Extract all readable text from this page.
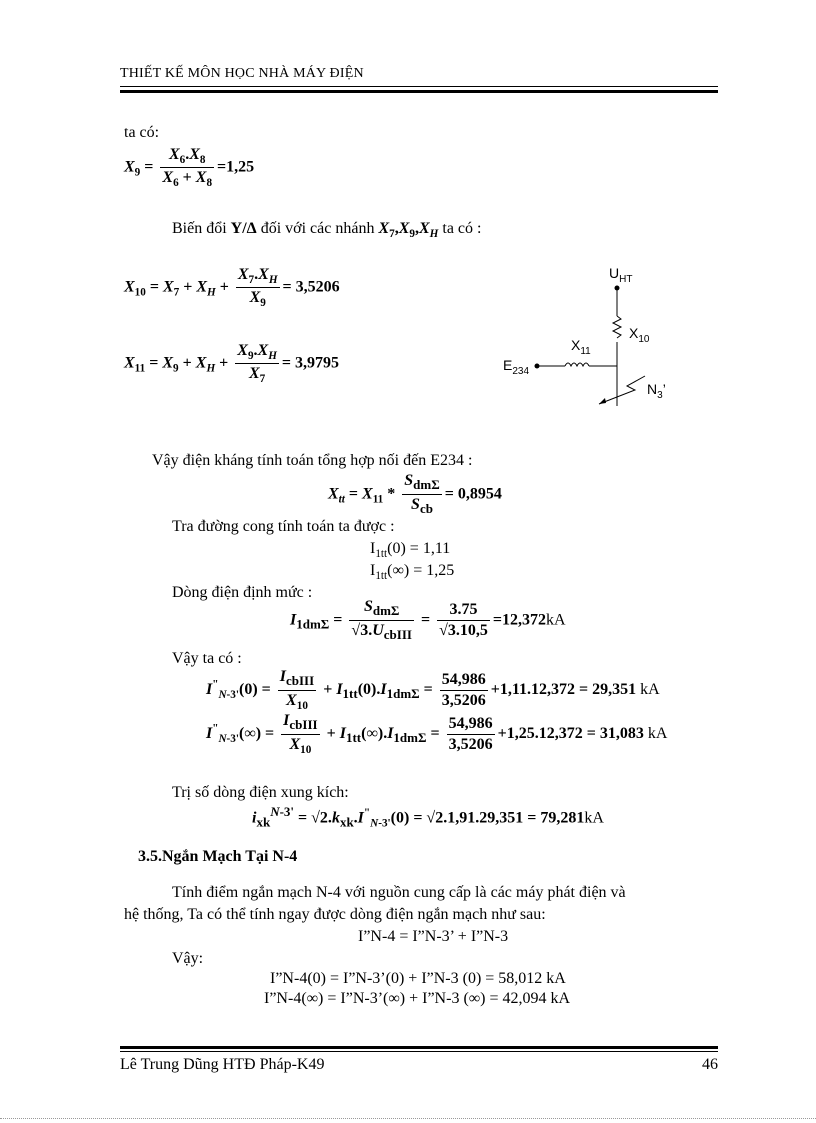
THIẾT KẾ MÔN HỌC NHÀ MÁY ĐIỆN
ta có:
$X_9 = \frac{X_6.X_8}{X_6 + X_8} =1,25$
Biến đổi Y/Δ đối với các nhánh $X_7,X_9,X_H$ ta có :
$X_{10} = X_7 + X_H + \frac{X_7.X_H}{X_9} = 3,5206$
$X_{11} = X_9 + X_H + \frac{X_9.X_H}{X_7} = 3,9795$
$U_{HT}$
$X_{10}$
$X_{11}$
$E_{234}$
$N_3$’
Vậy điện kháng tính toán tổng hợp nối đến E234 :
$X_{tt} = X_{11} * \frac{S_{dm\Sigma}}{S_{cb}} = 0,8954$
Tra đường cong tính toán ta được :
$I_{1tt}(0) = 1,11$
$I_{1tt}(\infty) = 1,25$
Dòng điện định mức :
$I_{1dm\Sigma} = \frac{S_{dm\Sigma}}{√3.U_{cbIII}} = \frac{3.75}{√3.10,5} =12,372kA$
Vậy ta có :
$I^"_{N-3'}(0) = \frac{I_{cbIII}}{X_{10}} + I_{1tt}(0).I_{1dm\Sigma} = \frac{54,986}{3,5206} +1,11.12,372 = 29,351$ kA
$I^"_{N-3'}(\infty) = \frac{I_{cbIII}}{X_{10}} + I_{1tt}(\infty).I_{1dm\Sigma} = \frac{54,986}{3,5206} +1,25.12,372 = 31,083$ kA
Trị số dòng điện xung kích:
$i_{xk}^{N-3'} = √2.k_{xk}.I^"_{N-3'}(0) = √2.1,91.29,351 = 79,281kA$
3.5.Ngắn Mạch Tại N-4
Tính điểm ngắn mạch N-4 với nguồn cung cấp là các máy phát điện và
hệ thống, Ta có thể tính ngay được dòng điện ngắn mạch như sau:
I”N-4 = I”N-3’ + I”N-3
Vậy:
I”N-4(0) = I”N-3’(0) + I”N-3 (0) = 58,012 kA
I”N-4(∞) = I”N-3’(∞) + I”N-3 (∞) = 42,094 kA
Lê Trung Dũng HTĐ Pháp-K49	46
